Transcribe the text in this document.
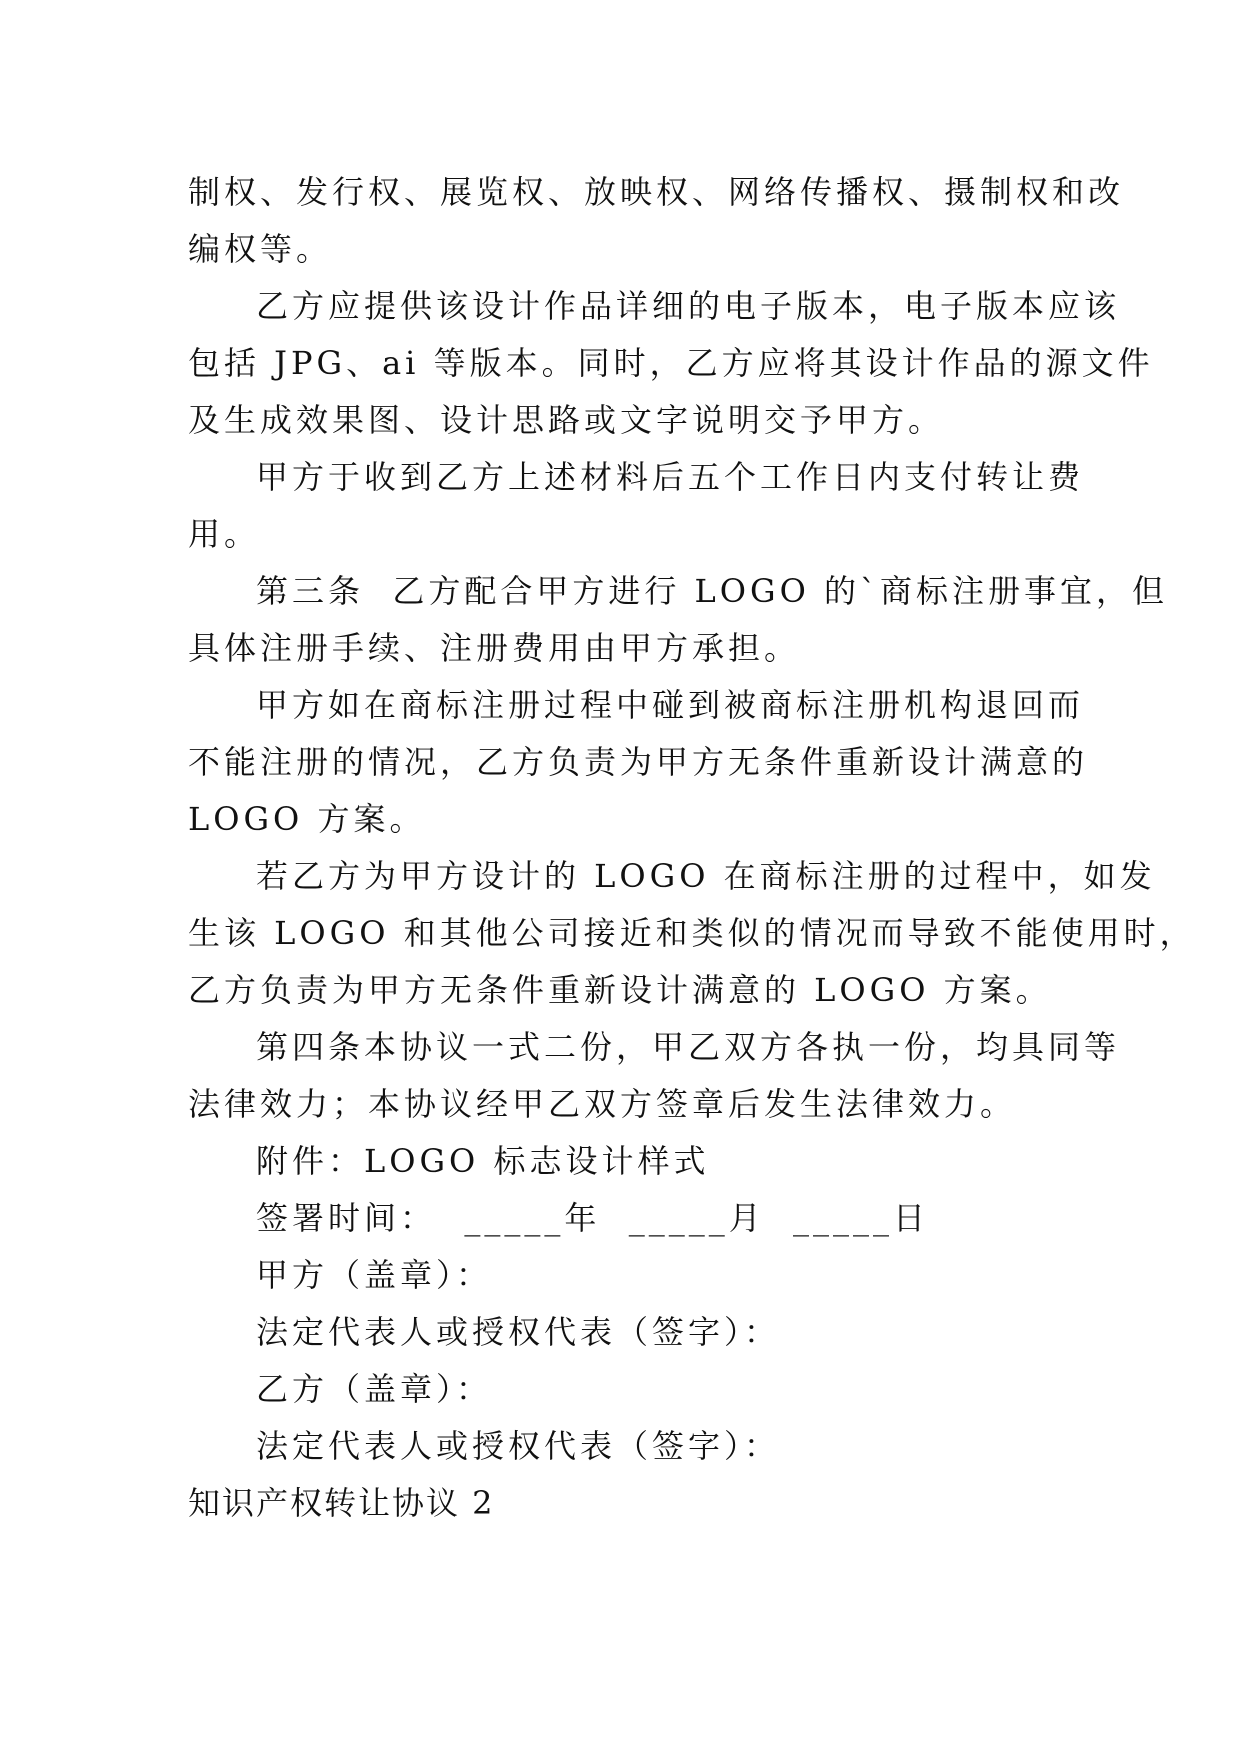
制权、发行权、展览权、放映权、网络传播权、摄制权和改
编权等。
乙方应提供该设计作品详细的电子版本，电子版本应该
包括 JPG、ai 等版本。同时，乙方应将其设计作品的源文件
及生成效果图、设计思路或文字说明交予甲方。
甲方于收到乙方上述材料后五个工作日内支付转让费
用。
第三条  乙方配合甲方进行 LOGO 的`商标注册事宜，但
具体注册手续、注册费用由甲方承担。
甲方如在商标注册过程中碰到被商标注册机构退回而
不能注册的情况，乙方负责为甲方无条件重新设计满意的
LOGO 方案。
若乙方为甲方设计的 LOGO 在商标注册的过程中，如发
生该 LOGO 和其他公司接近和类似的情况而导致不能使用时，
乙方负责为甲方无条件重新设计满意的 LOGO 方案。
第四条本协议一式二份，甲乙双方各执一份，均具同等
法律效力；本协议经甲乙双方签章后发生法律效力。
附件：LOGO 标志设计样式
签署时间：  _____年  _____月  _____日
甲方（盖章）：
法定代表人或授权代表（签字）：
乙方（盖章）：
法定代表人或授权代表（签字）：
知识产权转让协议 2
